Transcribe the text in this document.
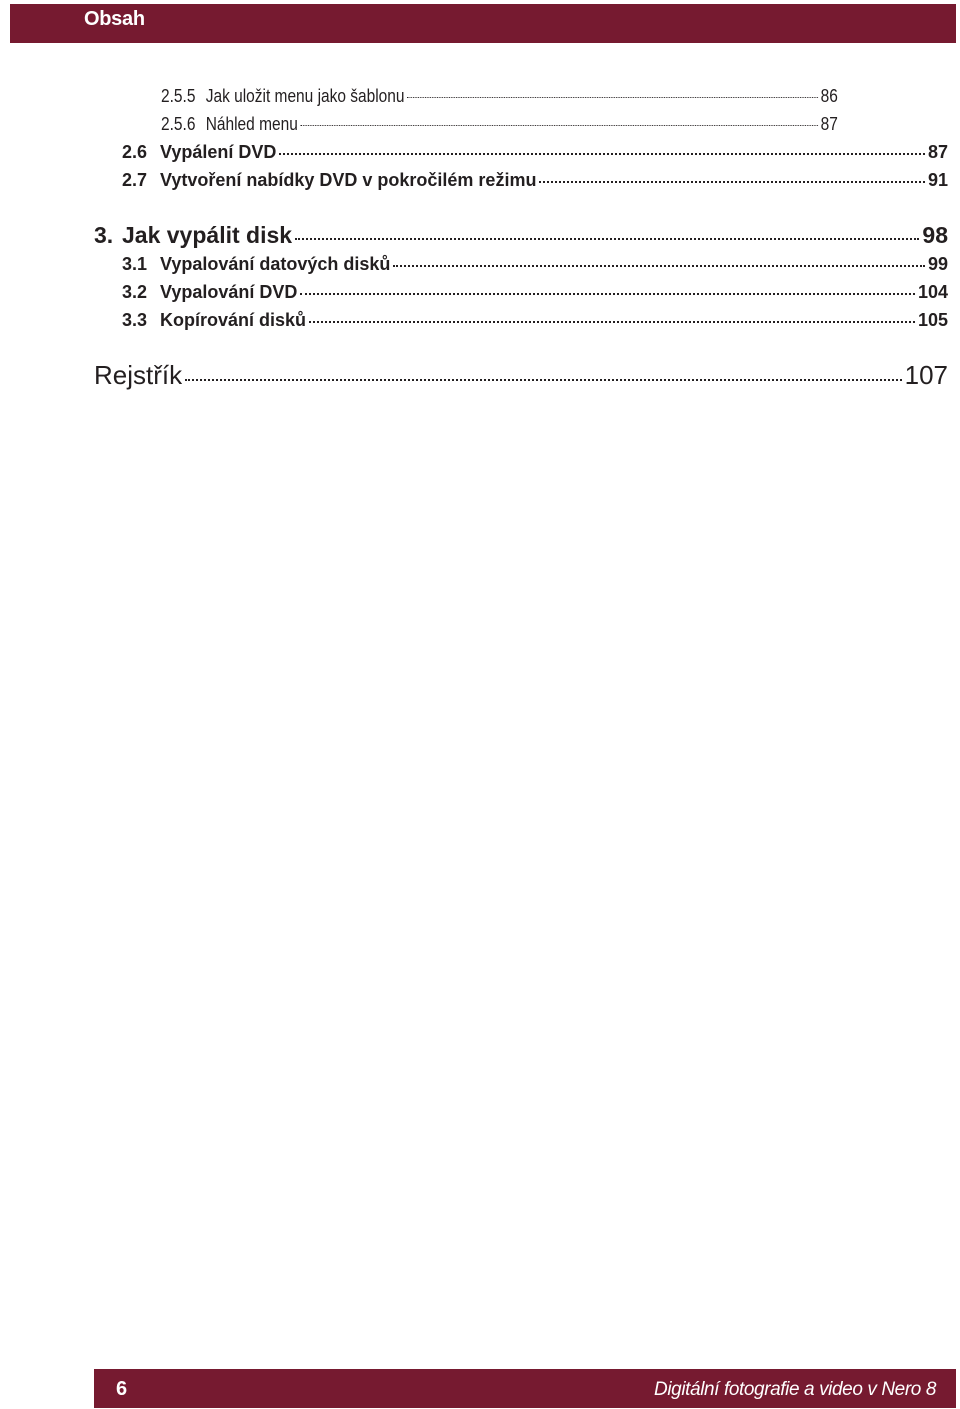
Obsah
2.5.5 Jak uložit menu jako šablonu	86
2.5.6 Náhled menu	87
2.6 Vypálení DVD	87
2.7 Vytvoření nabídky DVD v pokročilém režimu	91
3. Jak vypálit disk	98
3.1 Vypalování datových disků	99
3.2 Vypalování DVD	104
3.3 Kopírování disků	105
Rejstřík	107
6	Digitální fotografie a video v Nero 8
